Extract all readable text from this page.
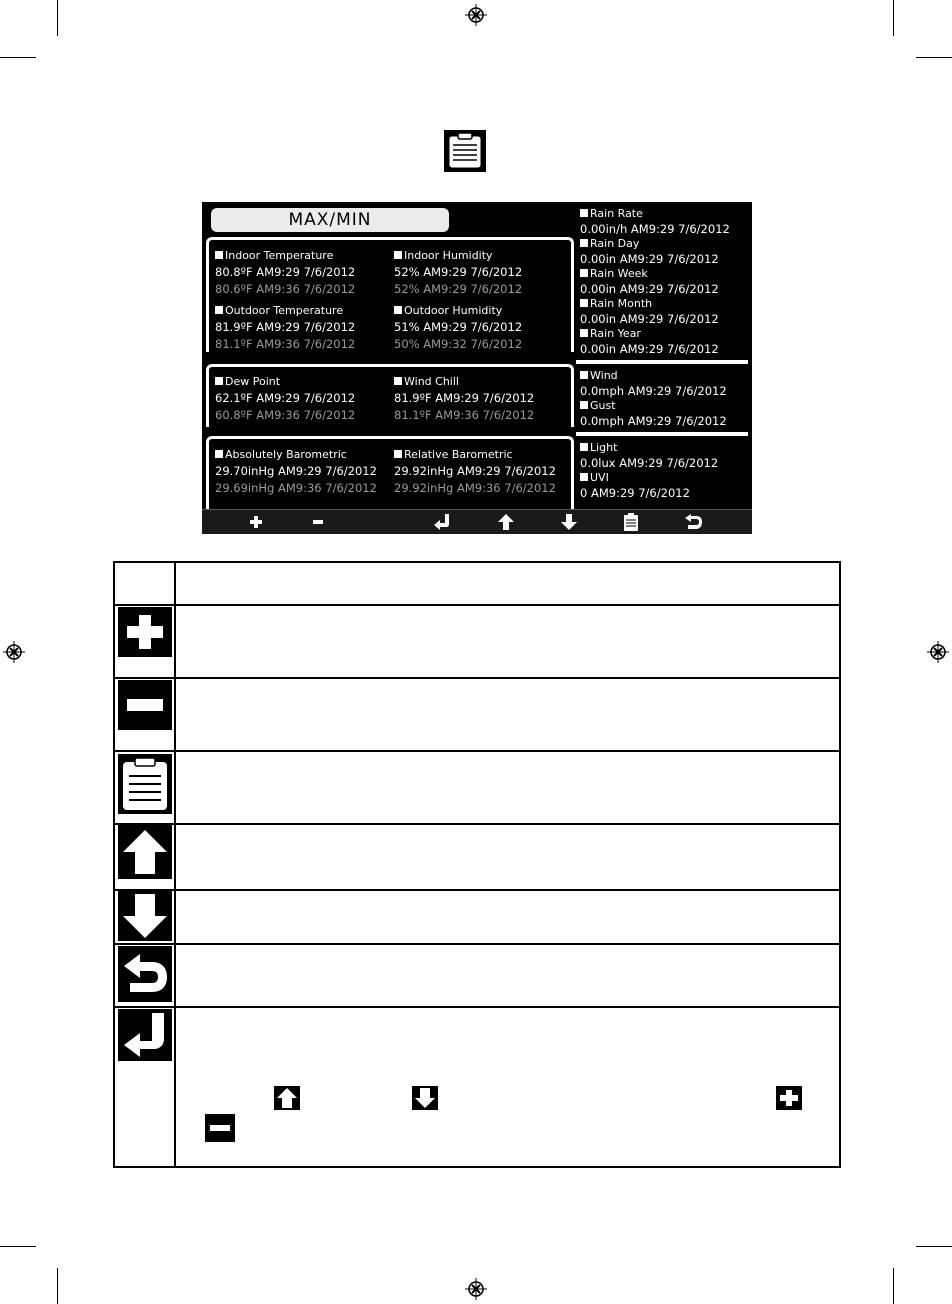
MAX/MIN
Indoor Temperature
80.8ºF AM9:29 7/6/2012
80.6ºF AM9:36 7/6/2012
Indoor Humidity
52% AM9:29 7/6/2012
52% AM9:29 7/6/2012
Outdoor Temperature
81.9ºF AM9:29 7/6/2012
81.1ºF AM9:36 7/6/2012
Outdoor Humidity
51% AM9:29 7/6/2012
50% AM9:32 7/6/2012
Dew Point
62.1ºF AM9:29 7/6/2012
60.8ºF AM9:36 7/6/2012
Wind Chill
81.9ºF AM9:29 7/6/2012
81.1ºF AM9:36 7/6/2012
Absolutely Barometric
29.70inHg AM9:29 7/6/2012
29.69inHg AM9:36 7/6/2012
Relative Barometric
29.92inHg AM9:29 7/6/2012
29.92inHg AM9:36 7/6/2012
Rain Rate
0.00in/h AM9:29 7/6/2012
Rain Day
0.00in AM9:29 7/6/2012
Rain Week
0.00in AM9:29 7/6/2012
Rain Month
0.00in AM9:29 7/6/2012
Rain Year
0.00in AM9:29 7/6/2012
Wind
0.0mph AM9:29 7/6/2012
Gust
0.0mph AM9:29 7/6/2012
Light
0.0lux AM9:29 7/6/2012
UVI
0 AM9:29 7/6/2012
